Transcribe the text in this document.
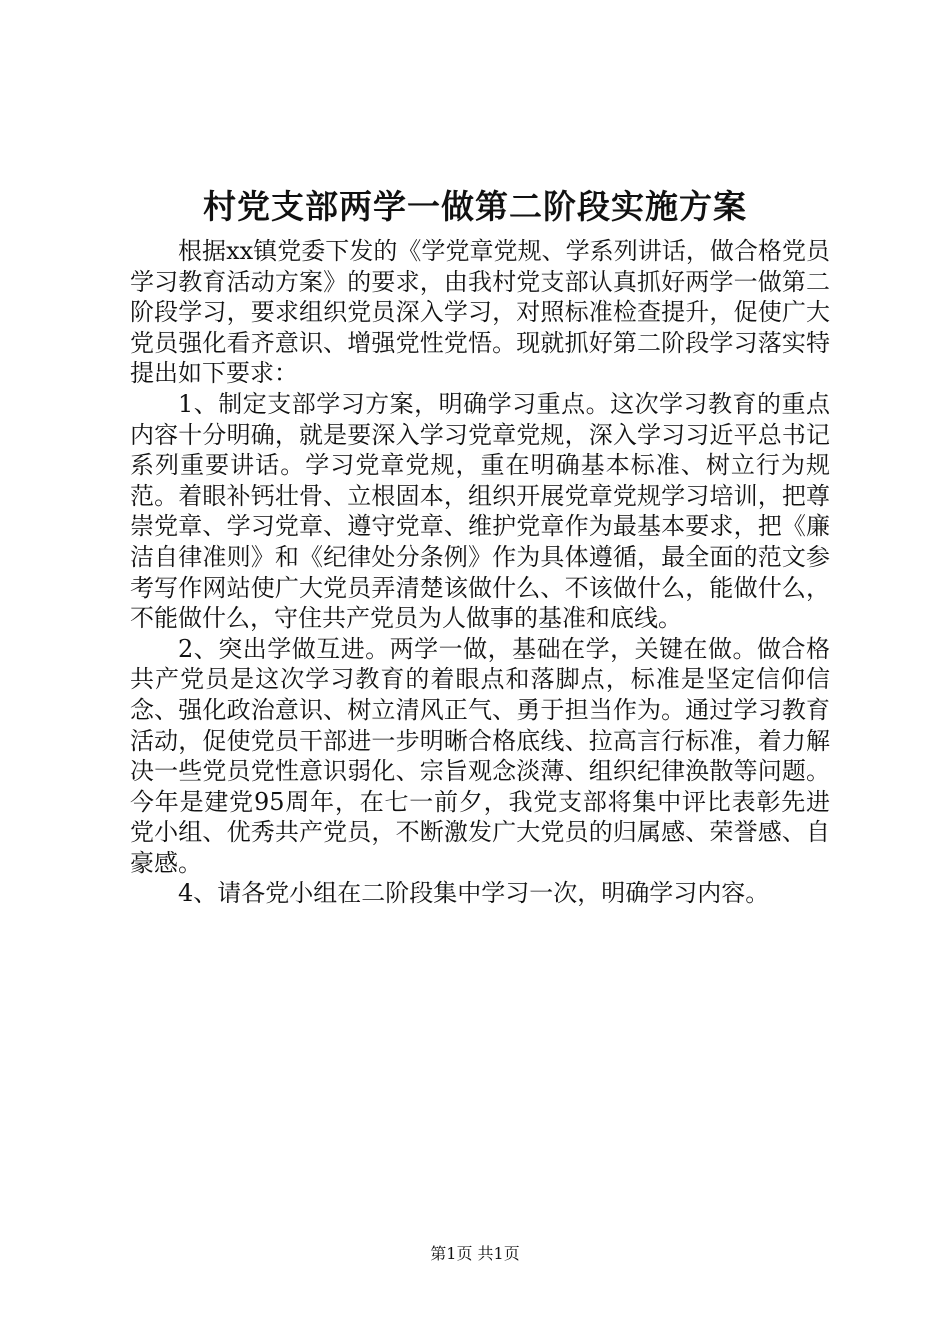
村党支部两学一做第二阶段实施方案

根据xx镇党委下发的《学党章党规、学系列讲话，做合格党员学习教育活动方案》的要求，由我村党支部认真抓好两学一做第二阶段学习，要求组织党员深入学习，对照标准检查提升，促使广大党员强化看齐意识、增强党性党悟。现就抓好第二阶段学习落实特提出如下要求：

1、制定支部学习方案，明确学习重点。这次学习教育的重点内容十分明确，就是要深入学习党章党规，深入学习习近平总书记系列重要讲话。学习党章党规，重在明确基本标准、树立行为规范。着眼补钙壮骨、立根固本，组织开展党章党规学习培训，把尊崇党章、学习党章、遵守党章、维护党章作为最基本要求，把《廉洁自律准则》和《纪律处分条例》作为具体遵循，最全面的范文参考写作网站使广大党员弄清楚该做什么、不该做什么，能做什么，不能做什么，守住共产党员为人做事的基准和底线。

2、突出学做互进。两学一做，基础在学，关键在做。做合格共产党员是这次学习教育的着眼点和落脚点，标准是坚定信仰信念、强化政治意识、树立清风正气、勇于担当作为。通过学习教育活动，促使党员干部进一步明晰合格底线、拉高言行标准，着力解决一些党员党性意识弱化、宗旨观念淡薄、组织纪律涣散等问题。今年是建党95周年，在七一前夕，我党支部将集中评比表彰先进党小组、优秀共产党员，不断激发广大党员的归属感、荣誉感、自豪感。

4、请各党小组在二阶段集中学习一次，明确学习内容。

第1页 共1页
